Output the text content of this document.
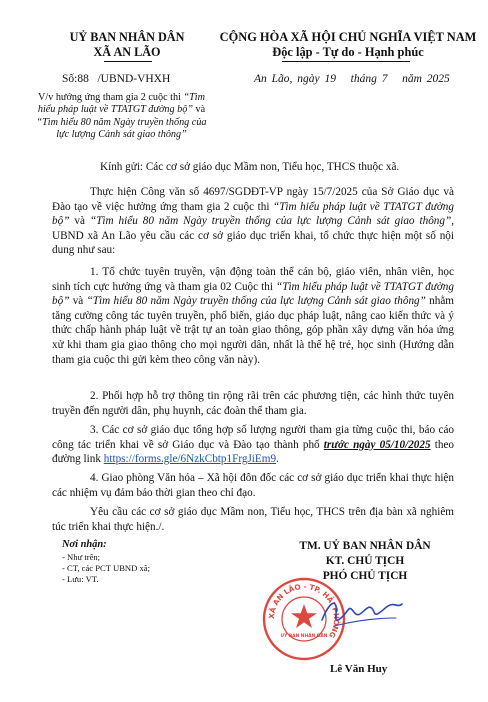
UỶ BAN NHÂN DÂN
XÃ AN LÃO
CỘNG HÒA XÃ HỘI CHỦ NGHĨA VIỆT NAM
Độc lập - Tự do - Hạnh phúc
Số:88   /UBND-VHXH	An Lão, ngày 19   tháng 7   năm 2025
V/v hướng ứng tham gia 2 cuộc thi “Tìm hiểu pháp luật về TTATGT đường bộ” và “Tìm hiểu 80 năm Ngày truyền thống của lực lượng Cảnh sát giao thông”
Kính gửi: Các cơ sở giáo dục Mầm non, Tiểu học, THCS thuộc xã.

Thực hiện Công văn số 4697/SGDĐT-VP ngày 15/7/2025 của Sở Giáo dục và Đào tạo về việc hưởng ứng tham gia 2 cuộc thi “Tìm hiểu pháp luật về TTATGT đường bộ” và “Tìm hiểu 80 năm Ngày truyền thống của lực lượng Cảnh sát giao thông”, UBND xã An Lão yêu cầu các cơ sở giáo dục triển khai, tổ chức thực hiện một số nội dung như sau:

1. Tổ chức tuyên truyền, vận động toàn thể cán bộ, giáo viên, nhân viên, học sinh tích cực hưởng ứng và tham gia 02 Cuộc thi “Tìm hiểu pháp luật về TTATGT đường bộ” và “Tìm hiểu 80 năm Ngày truyền thống của lực lượng Cảnh sát giao thông” nhằm tăng cường công tác tuyên truyền, phổ biến, giáo dục pháp luật, nâng cao kiến thức và ý thức chấp hành pháp luật về trật tự an toàn giao thông, góp phần xây dựng văn hóa ứng xử khi tham gia giao thông cho mọi người dân, nhất là thế hệ trẻ, học sinh (Hướng dẫn tham gia cuộc thi gửi kèm theo công văn này).

2. Phối hợp hỗ trợ thông tin rộng rãi trên các phương tiện, các hình thức tuyên truyền đến người dân, phụ huynh, các đoàn thể tham gia.

3. Các cơ sở giáo dục tổng hợp số lượng người tham gia từng cuộc thi, báo cáo công tác triển khai về sở Giáo dục và Đào tạo thành phố trước ngày 05/10/2025 theo đường link https://forms.gle/6NzkCbtp1FrgJiEm9.

4. Giao phòng Văn hóa – Xã hội đôn đốc các cơ sở giáo dục triển khai thực hiện các nhiệm vụ đảm bảo thời gian theo chỉ đạo.

Yêu cầu các cơ sở giáo dục Mầm non, Tiểu học, THCS trên địa bàn xã nghiêm túc triển khai thực hiện./.

Nơi nhận:
- Như trên;
- CT, các PCT UBND xã;
- Lưu: VT.
TM. UỶ BAN NHÂN DÂN
KT. CHỦ TỊCH
PHÓ CHỦ TỊCH
XÃ AN LÃO - TP. HẢI PHÒNG
UỶ BAN NHÂN DÂN
Lê Văn Huy
